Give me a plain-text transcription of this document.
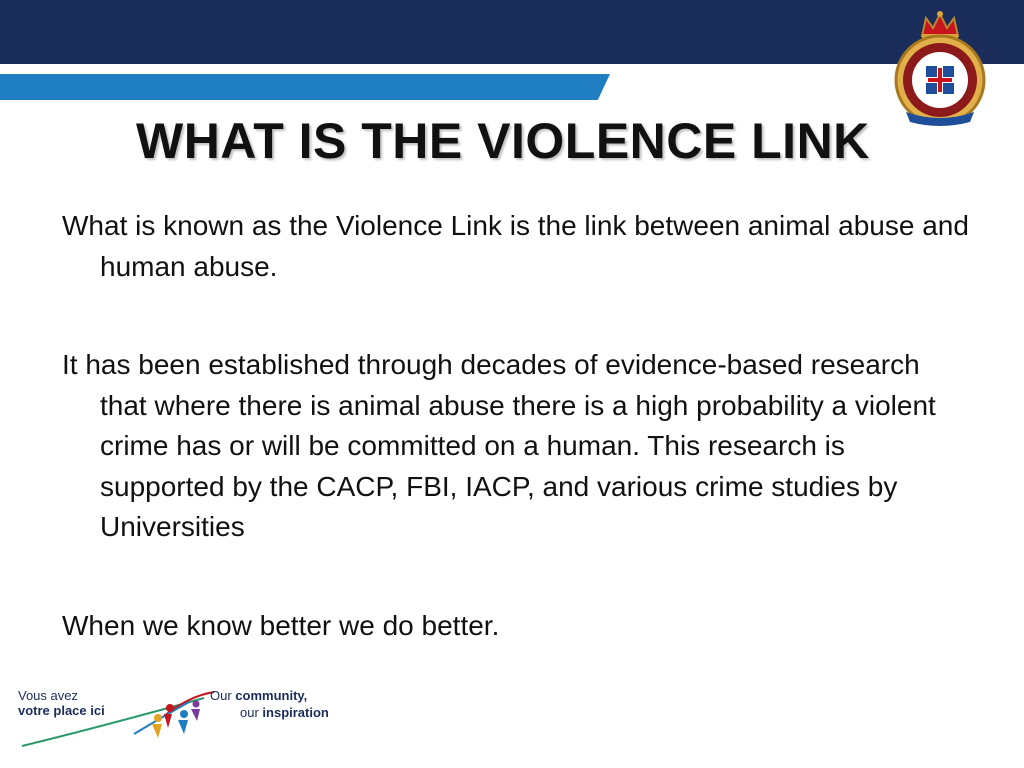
ottawapolice.ca
WHAT IS THE VIOLENCE LINK

What is known as the Violence Link is the link between animal abuse and human abuse.

It has been established through decades of evidence-based research that where there is animal abuse there is a high probability a violent crime has or will be committed on a human. This research is supported by the CACP, FBI, IACP, and various crime studies by Universities

When we know better we do better.

Vous avez
votre place ici
Our community,
our inspiration
